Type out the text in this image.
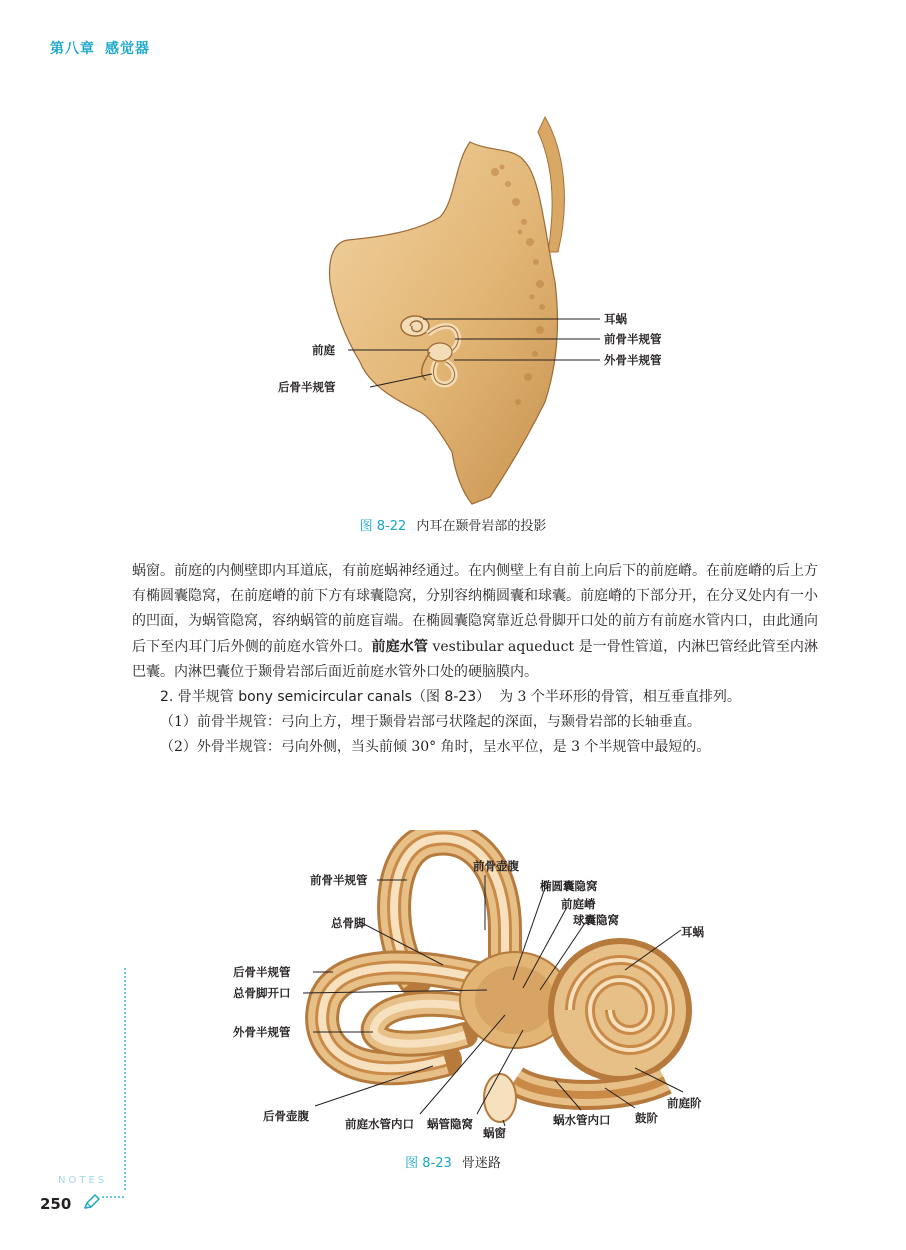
第八章 感觉器
耳蜗
前骨半规管
外骨半规管
前庭
后骨半规管
图 8-22 内耳在颞骨岩部的投影

蜗窗。前庭的内侧壁即内耳道底，有前庭蜗神经通过。在内侧壁上有自前上向后下的前庭嵴。在前庭嵴的后上方有椭圆囊隐窝，在前庭嵴的前下方有球囊隐窝，分别容纳椭圆囊和球囊。前庭嵴的下部分开，在分叉处内有一小的凹面，为蜗管隐窝，容纳蜗管的前庭盲端。在椭圆囊隐窝靠近总骨脚开口处的前方有前庭水管内口，由此通向后下至内耳门后外侧的前庭水管外口。前庭水管 vestibular aqueduct 是一骨性管道，内淋巴管经此管至内淋巴囊。内淋巴囊位于颞骨岩部后面近前庭水管外口处的硬脑膜内。

2. 骨半规管 bony semicircular canals（图 8-23） 为 3 个半环形的骨管，相互垂直排列。

（1）前骨半规管：弓向上方，埋于颞骨岩部弓状隆起的深面，与颞骨岩部的长轴垂直。

（2）外骨半规管：弓向外侧，当头前倾 30° 角时，呈水平位，是 3 个半规管中最短的。

前骨半规管
前骨壶腹
椭圆囊隐窝
前庭嵴
球囊隐窝
耳蜗
总骨脚
后骨半规管
总骨脚开口
外骨半规管
前庭阶
鼓阶
后骨壶腹
前庭水管内口 蜗管隐窝
蜗窗
蜗水管内口
图 8-23 骨迷路
NOTES
250
